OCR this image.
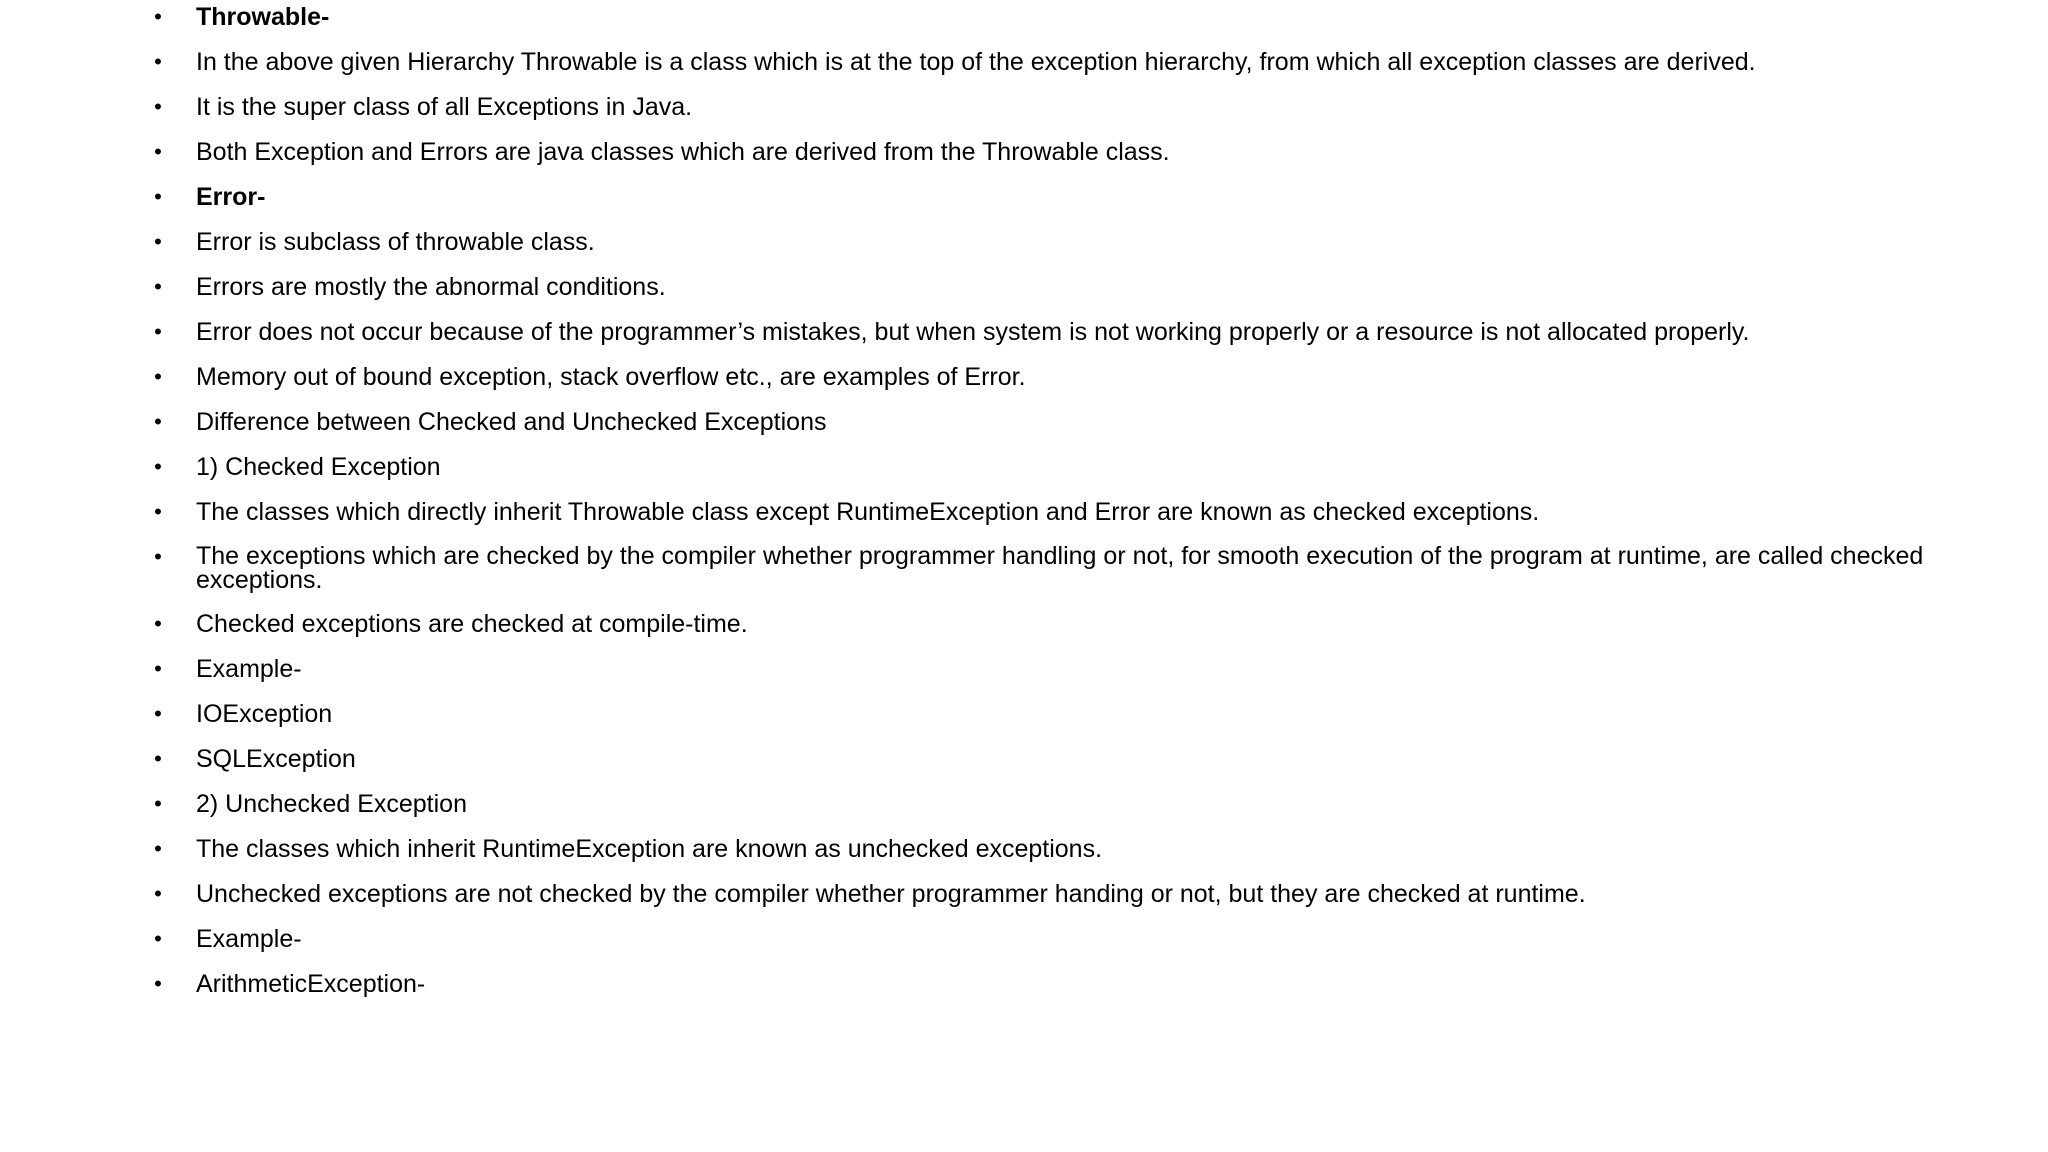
• Throwable-
• In the above given Hierarchy Throwable is a class which is at the top of the exception hierarchy, from which all exception classes are derived.
• It is the super class of all Exceptions in Java.
• Both Exception and Errors are java classes which are derived from the Throwable class.
• Error-
• Error is subclass of throwable class.
• Errors are mostly the abnormal conditions.
• Error does not occur because of the programmer’s mistakes, but when system is not working properly or a resource is not allocated properly.
• Memory out of bound exception, stack overflow etc., are examples of Error.
• Difference between Checked and Unchecked Exceptions
• 1) Checked Exception
• The classes which directly inherit Throwable class except RuntimeException and Error are known as checked exceptions.
• The exceptions which are checked by the compiler whether programmer handling or not, for smooth execution of the program at runtime, are called checked exceptions.
• Checked exceptions are checked at compile-time.
• Example-
• IOException
• SQLException
• 2) Unchecked Exception
• The classes which inherit RuntimeException are known as unchecked exceptions.
• Unchecked exceptions are not checked by the compiler whether programmer handing or not, but they are checked at runtime.
• Example-
• ArithmeticException-
